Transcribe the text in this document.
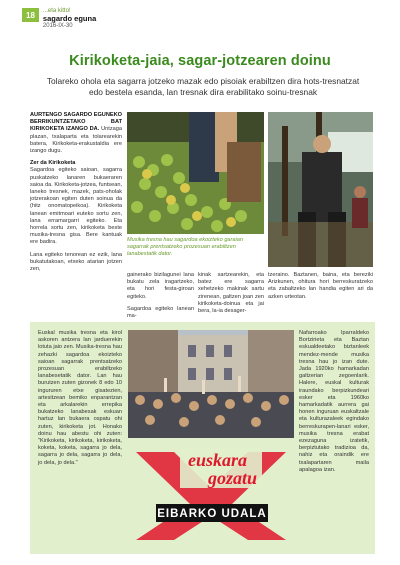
18	...eta kitto!
sagardo eguna
2016-IX-30
Kirikoketa-jaia, sagar-jotzearen doinu

Tolareko ohola eta sagarra jotzeko mazak edo pisoiak erabiltzen dira hots-tresnatzat edo bestela esanda, lan tresnak dira erabilitako soinu-tresnak

AURTENGO SAGARDO EGUNEKO BERRIKUNTZETAKO BAT KIRIKOKETA IZANGO DA. Untzaga plazan, txalaparta eta tolarearekin batera, Kirikoketa-erakustaldia ere izango dugu.

Zer da Kirikoketa
Sagardoa egiteko saioan, sagarra puskatzeko lanaren bukaeraren saioa da. Kirikoketa-jotzea, funtsean, laneko tresnek, mazek, pats-oholak jotzerakoan egiten duten soinua da (hitz onomatopeikoa). Kirikoketa lanean emitmoari euteko sortu zen, lana erramargarri egiteko. Eta horrela sortu zen, kirikoketa beste musika-tresna gisa. Bere kantuak ere badira.

Lana egiteko tenorean ez ezik, lana bukatutakoan, etxeko atarian jotzen zen,

Musika tresna hau sagardoa ekoizteko garaian sagarrak prentsatzeko prozesuan erabiltzen lanabestatik dator.

gainerako bizilagunei lana bukatu zela iragartzeko, eta hori festa-giroan egiteko.

Sagardoa egiteko lanean ma-

kinak sartzearekin, eta batez ere sagarra xehetzeko makinak sartu zirenean, galtzen joan zen kirikoketa-doinua eta jai bera, la-ia desager-

tzeraino. Baztanen, baina, eta bereziki Arizkunen, ohitura hori berreskuratzeko eta zabaltzeko lan handia egiten ari da azken urteotan.

Euskal musika tresna eta kirol askoren antzera lan jarduerekin lotuta jaio zen. Musika-tresna hau zehazki sagardoa ekoizteko saioan sagarrak prentsatzeko prozesuan erabiltzeko lanabesetatik dator. Lan hau burutzen zuten gizonek 8 edo 10 ingururen etxe gisatezien, artesitzean bemiko enparantzan eta arkalarekin errepika bukatzeko lanabesak eskuan hartuz lan bukaera ospatu ohi zuten, kirikoketa jot. Honako doinu hau abestu ohi zuten: "Kirikoketa, kirikoketa, kirikoketa, koketa, koketa, sagarra jo dela, sagarra jo dela, sagarra jo dela, jo dela, jo dela."	euskara
gozatu
EIBARKO UDALA

Nafarroako Iparraldeko Bortzirieta eta Baztan eskualdeetako biztanleek mendez-mende musika tresna hau jo izan dute. Jada 1920ko hamarkadan galtzerian zegoenlarik. Halere, euskal kulturak iraundako berpizkundeari esker eta 1960ko hamarkadatik aurrera gai honen inguruan euskaltzale eta kulturazaleek egindako berreskurapen-lanari esker, musika tresna erabat ezezaguna izatetik, berpiztutako tradizioa da, nahiz eta oraindik ere txalapartaren maila apalagoa izan.
